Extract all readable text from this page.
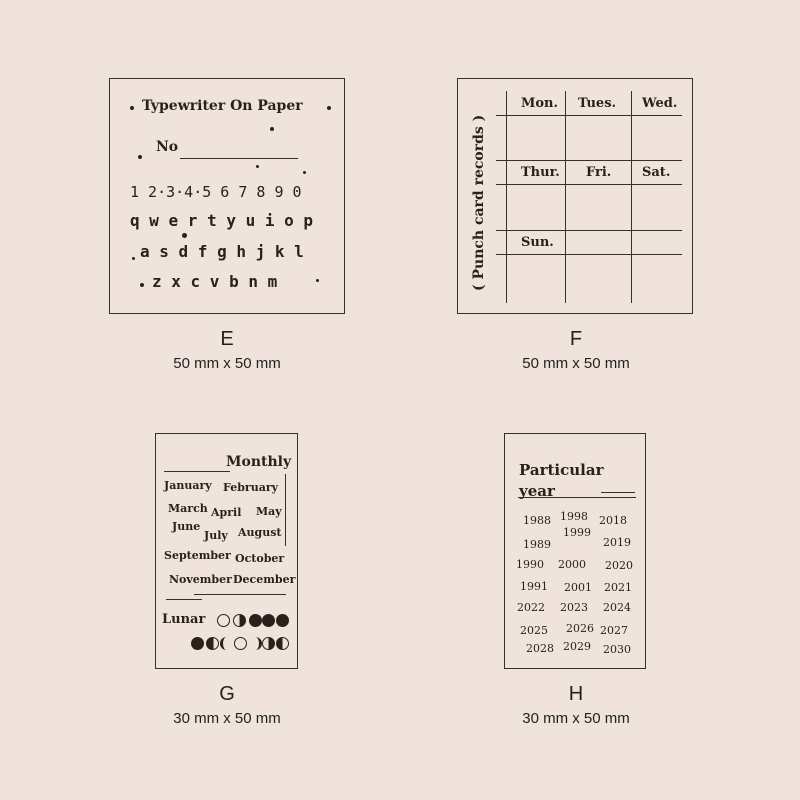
Typewriter On Paper
No
1 2·3·4·5 6 7 8 9 0
q w e r t y u i o p
a s d f g h j k l
z x c v b n m
E
50 mm x 50 mm
( Punch card records )
Mon. Tues. Wed.
Thur. Fri. Sat.
Sun.
F
50 mm x 50 mm
Monthly
January February
March April May
June
July August
September October
November December
Lunar
G
30 mm x 50 mm
Particular
year
1988 1998 2018
1989
1999
2019
1990 2000 2020
1991 2001 2021
2022 2023 2024
2025 2026 2027
2028 2029 2030
H
30 mm x 50 mm
